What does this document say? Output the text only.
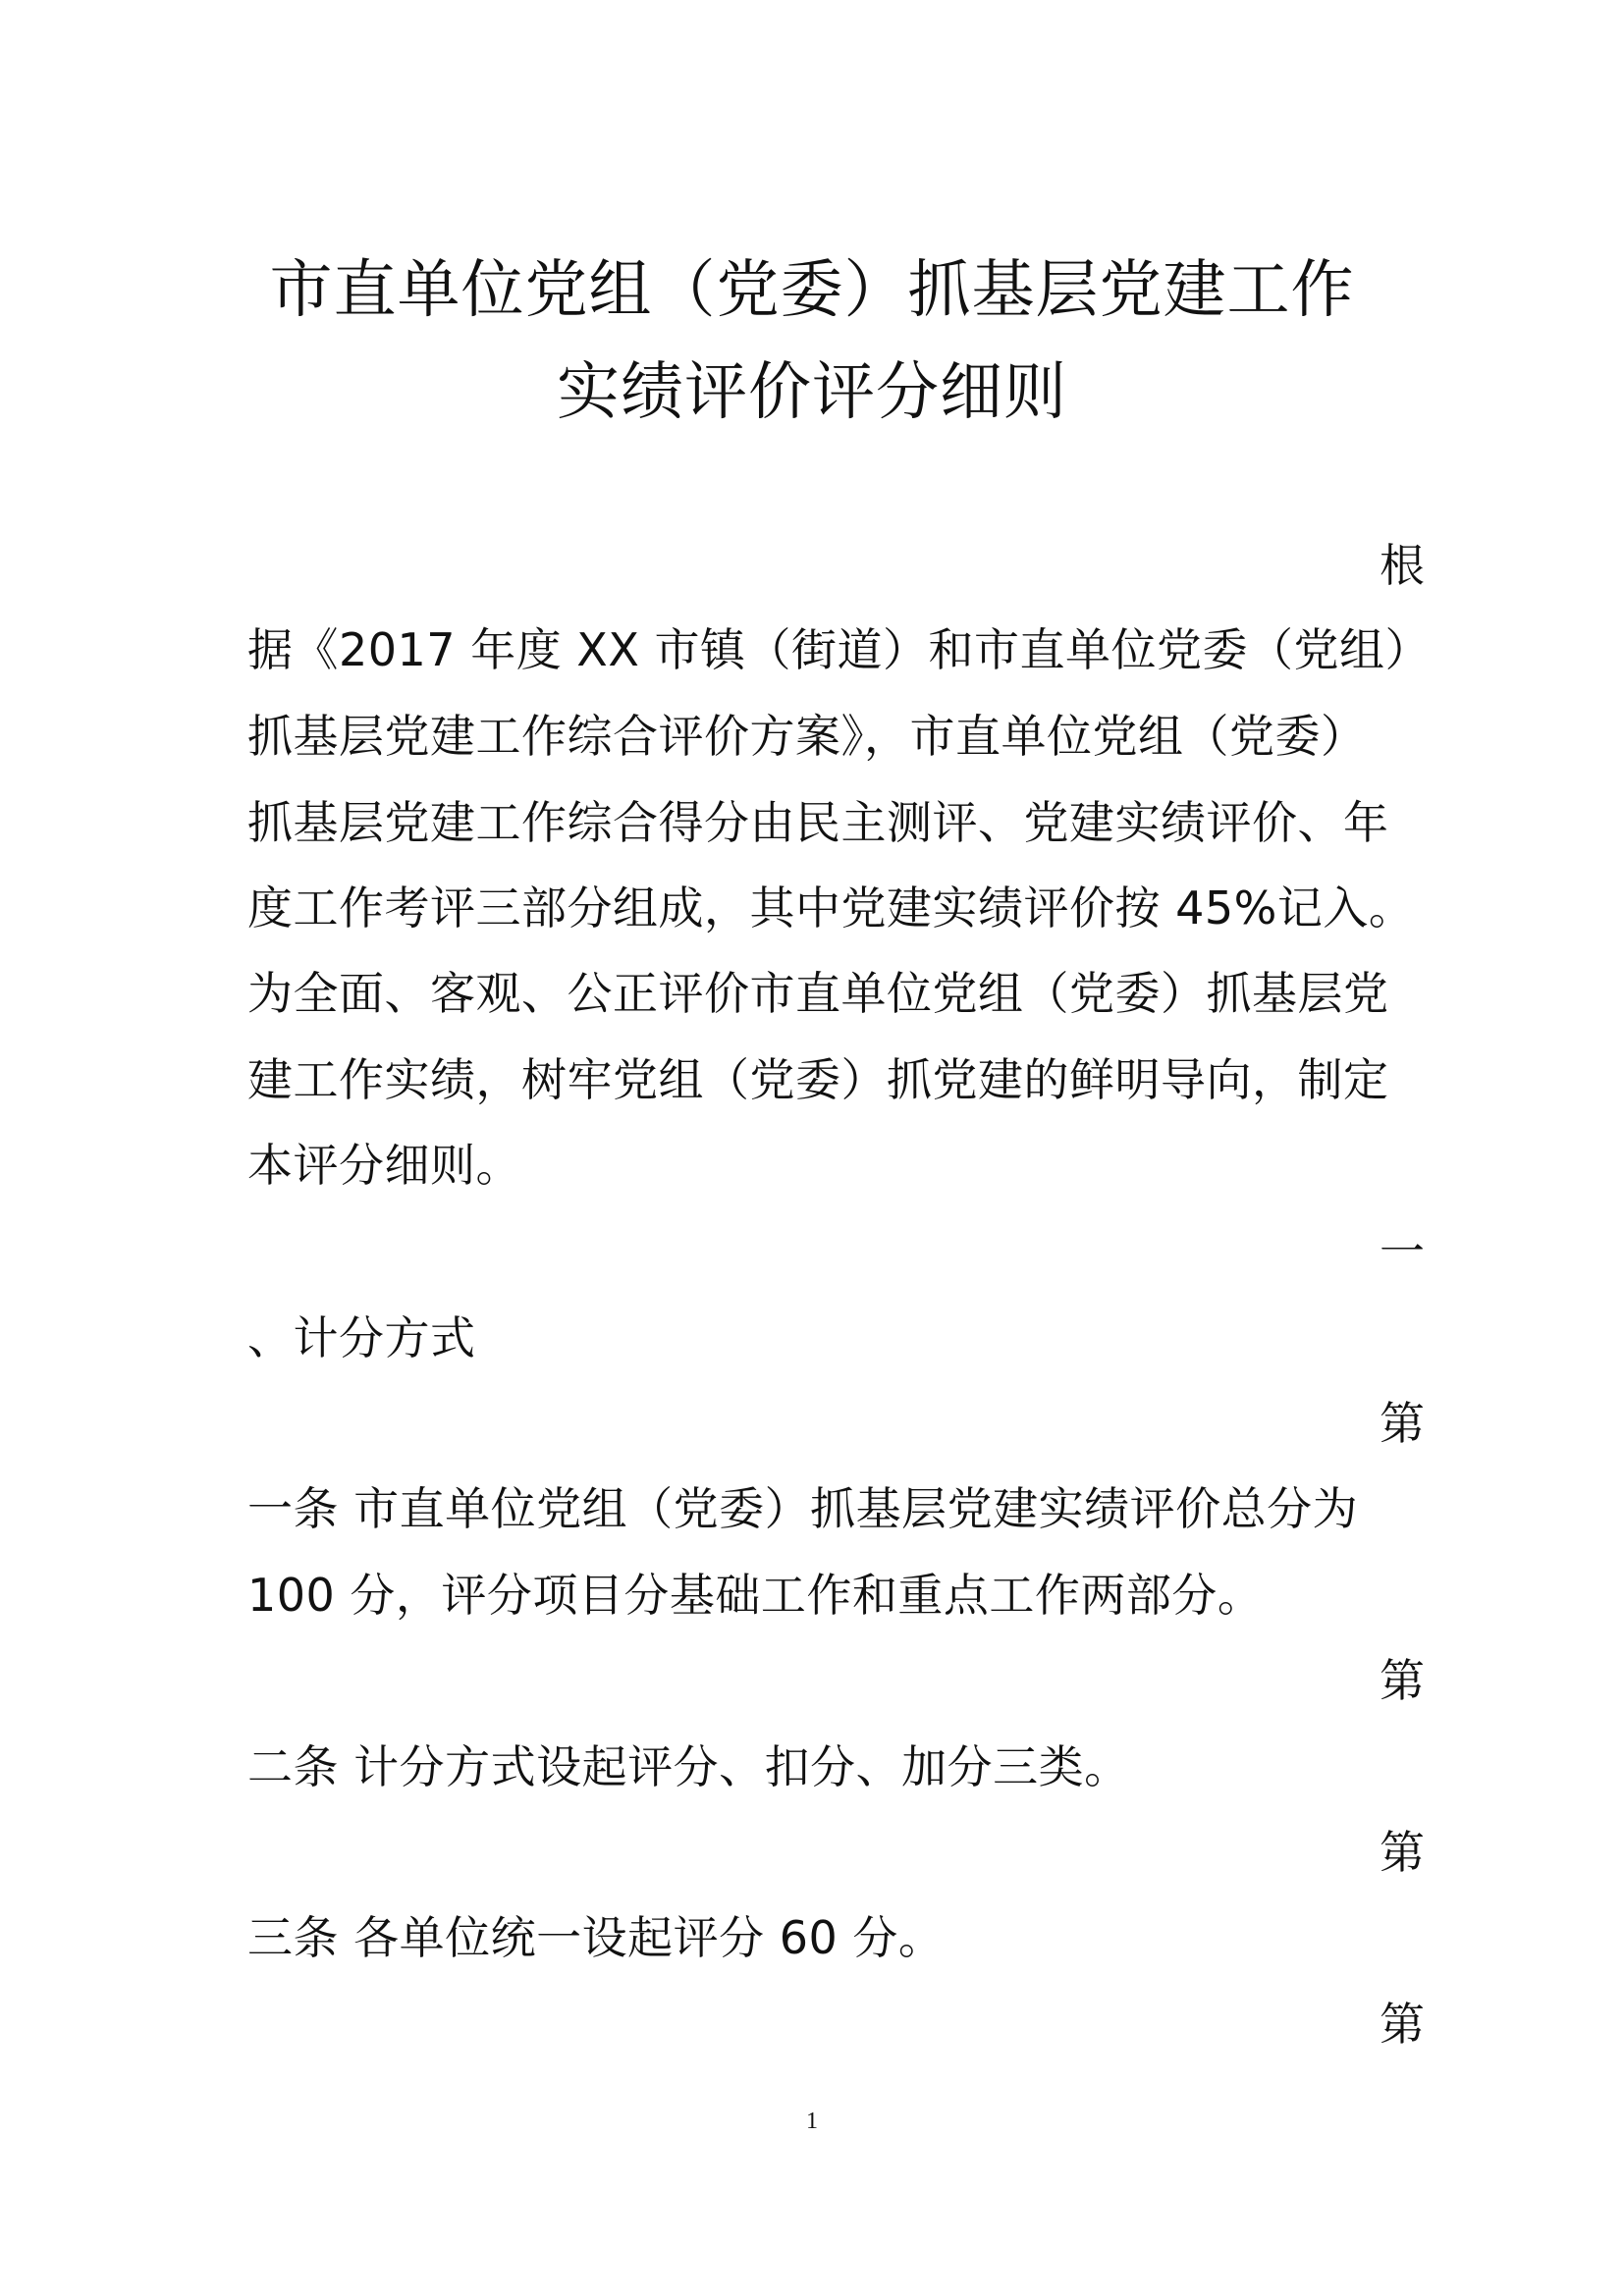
市直单位党组（党委）抓基层党建工作
实绩评价评分细则
根
据《2017 年度 XX 市镇（街道）和市直单位党委（党组）
抓基层党建工作综合评价方案》，市直单位党组（党委）
抓基层党建工作综合得分由民主测评、党建实绩评价、年
度工作考评三部分组成，其中党建实绩评价按 45%记入。
为全面、客观、公正评价市直单位党组（党委）抓基层党
建工作实绩，树牢党组（党委）抓党建的鲜明导向，制定
本评分细则。
一
、计分方式
第
一条 市直单位党组（党委）抓基层党建实绩评价总分为
100 分，评分项目分基础工作和重点工作两部分。
第
二条 计分方式设起评分、扣分、加分三类。
第
三条 各单位统一设起评分 60 分。
第
1
